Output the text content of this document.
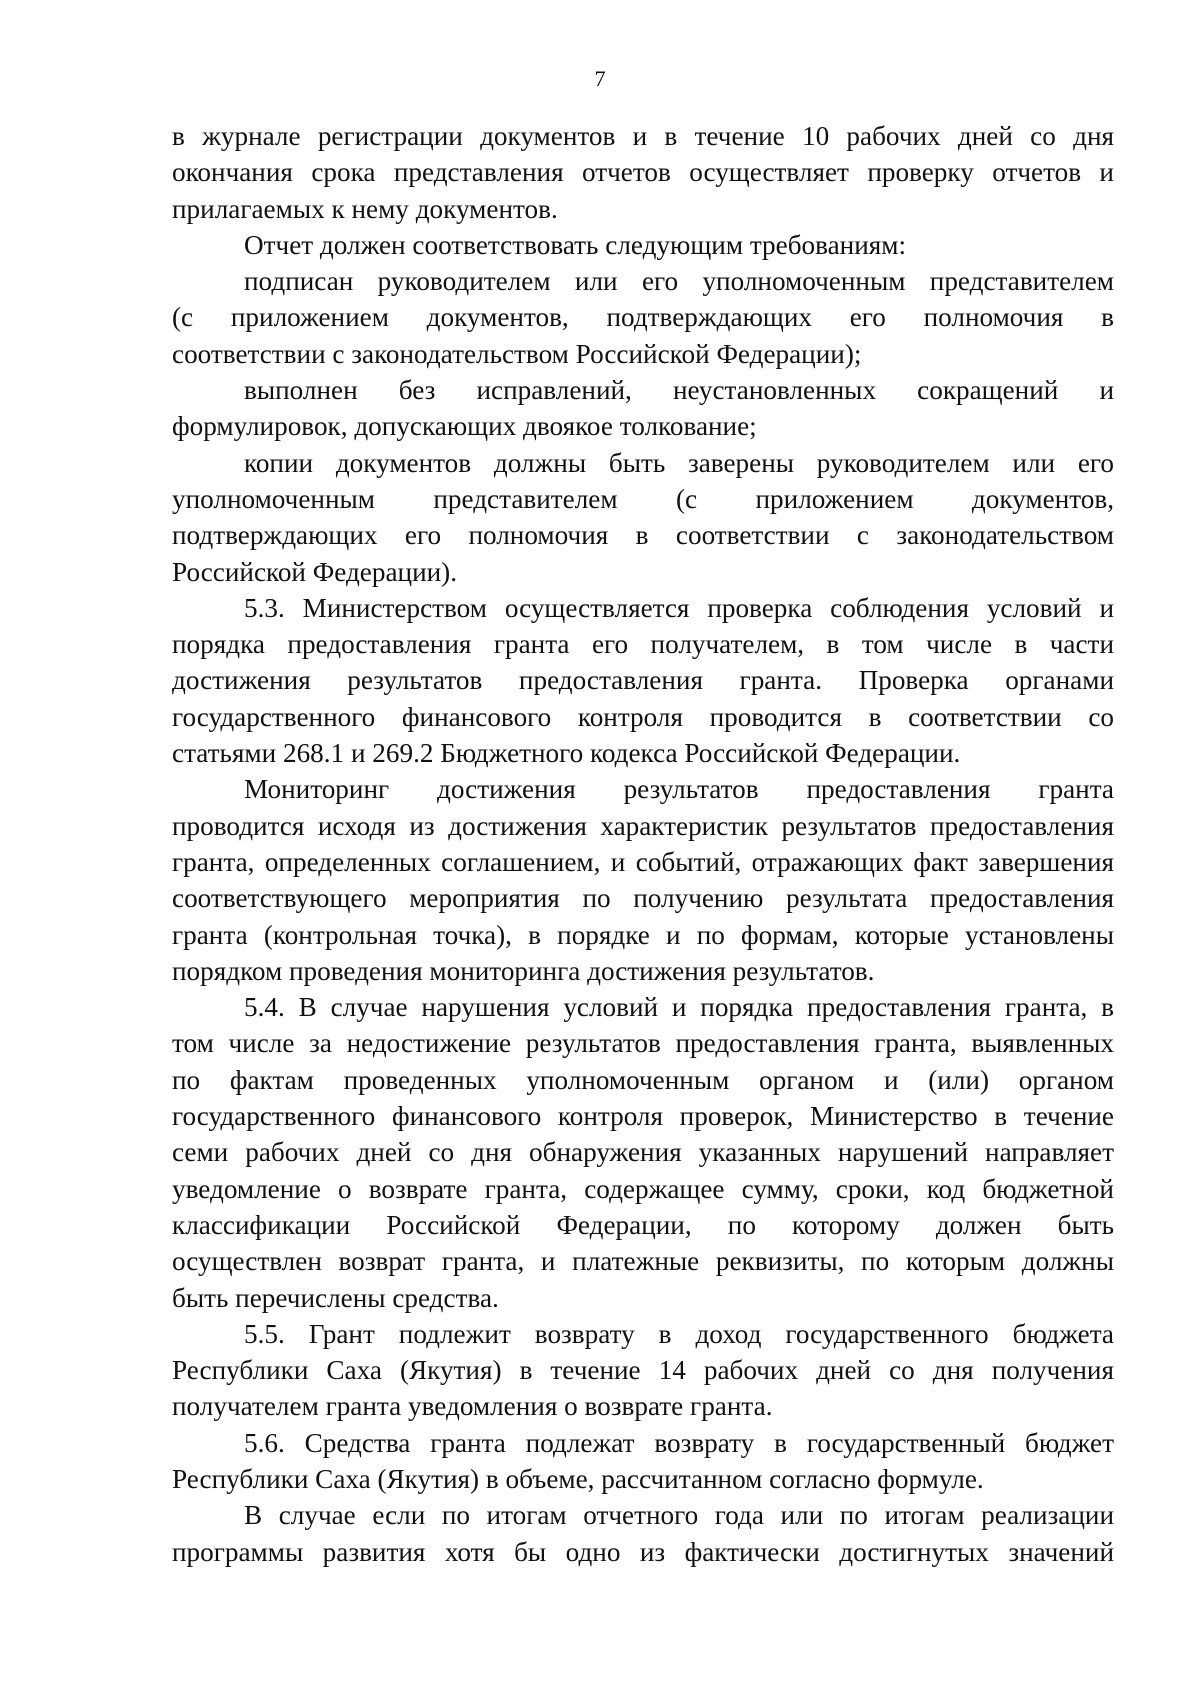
7
в журнале регистрации документов и в течение 10 рабочих дней со дня
окончания срока представления отчетов осуществляет проверку отчетов и
прилагаемых к нему документов.
Отчет должен соответствовать следующим требованиям:
подписан руководителем или его уполномоченным представителем
(с приложением документов, подтверждающих его полномочия в
соответствии с законодательством Российской Федерации);
выполнен без исправлений, неустановленных сокращений и
формулировок, допускающих двоякое толкование;
копии документов должны быть заверены руководителем или его
уполномоченным представителем (с приложением документов,
подтверждающих его полномочия в соответствии с законодательством
Российской Федерации).
5.3. Министерством осуществляется проверка соблюдения условий и
порядка предоставления гранта его получателем, в том числе в части
достижения результатов предоставления гранта. Проверка органами
государственного финансового контроля проводится в соответствии со
статьями 268.1 и 269.2 Бюджетного кодекса Российской Федерации.
Мониторинг достижения результатов предоставления гранта
проводится исходя из достижения характеристик результатов предоставления
гранта, определенных соглашением, и событий, отражающих факт завершения
соответствующего мероприятия по получению результата предоставления
гранта (контрольная точка), в порядке и по формам, которые установлены
порядком проведения мониторинга достижения результатов.
5.4. В случае нарушения условий и порядка предоставления гранта, в
том числе за недостижение результатов предоставления гранта, выявленных
по фактам проведенных уполномоченным органом и (или) органом
государственного финансового контроля проверок, Министерство в течение
семи рабочих дней со дня обнаружения указанных нарушений направляет
уведомление о возврате гранта, содержащее сумму, сроки, код бюджетной
классификации Российской Федерации, по которому должен быть
осуществлен возврат гранта, и платежные реквизиты, по которым должны
быть перечислены средства.
5.5. Грант подлежит возврату в доход государственного бюджета
Республики Саха (Якутия) в течение 14 рабочих дней со дня получения
получателем гранта уведомления о возврате гранта.
5.6. Средства гранта подлежат возврату в государственный бюджет
Республики Саха (Якутия) в объеме, рассчитанном согласно формуле.
В случае если по итогам отчетного года или по итогам реализации
программы развития хотя бы одно из фактически достигнутых значений
